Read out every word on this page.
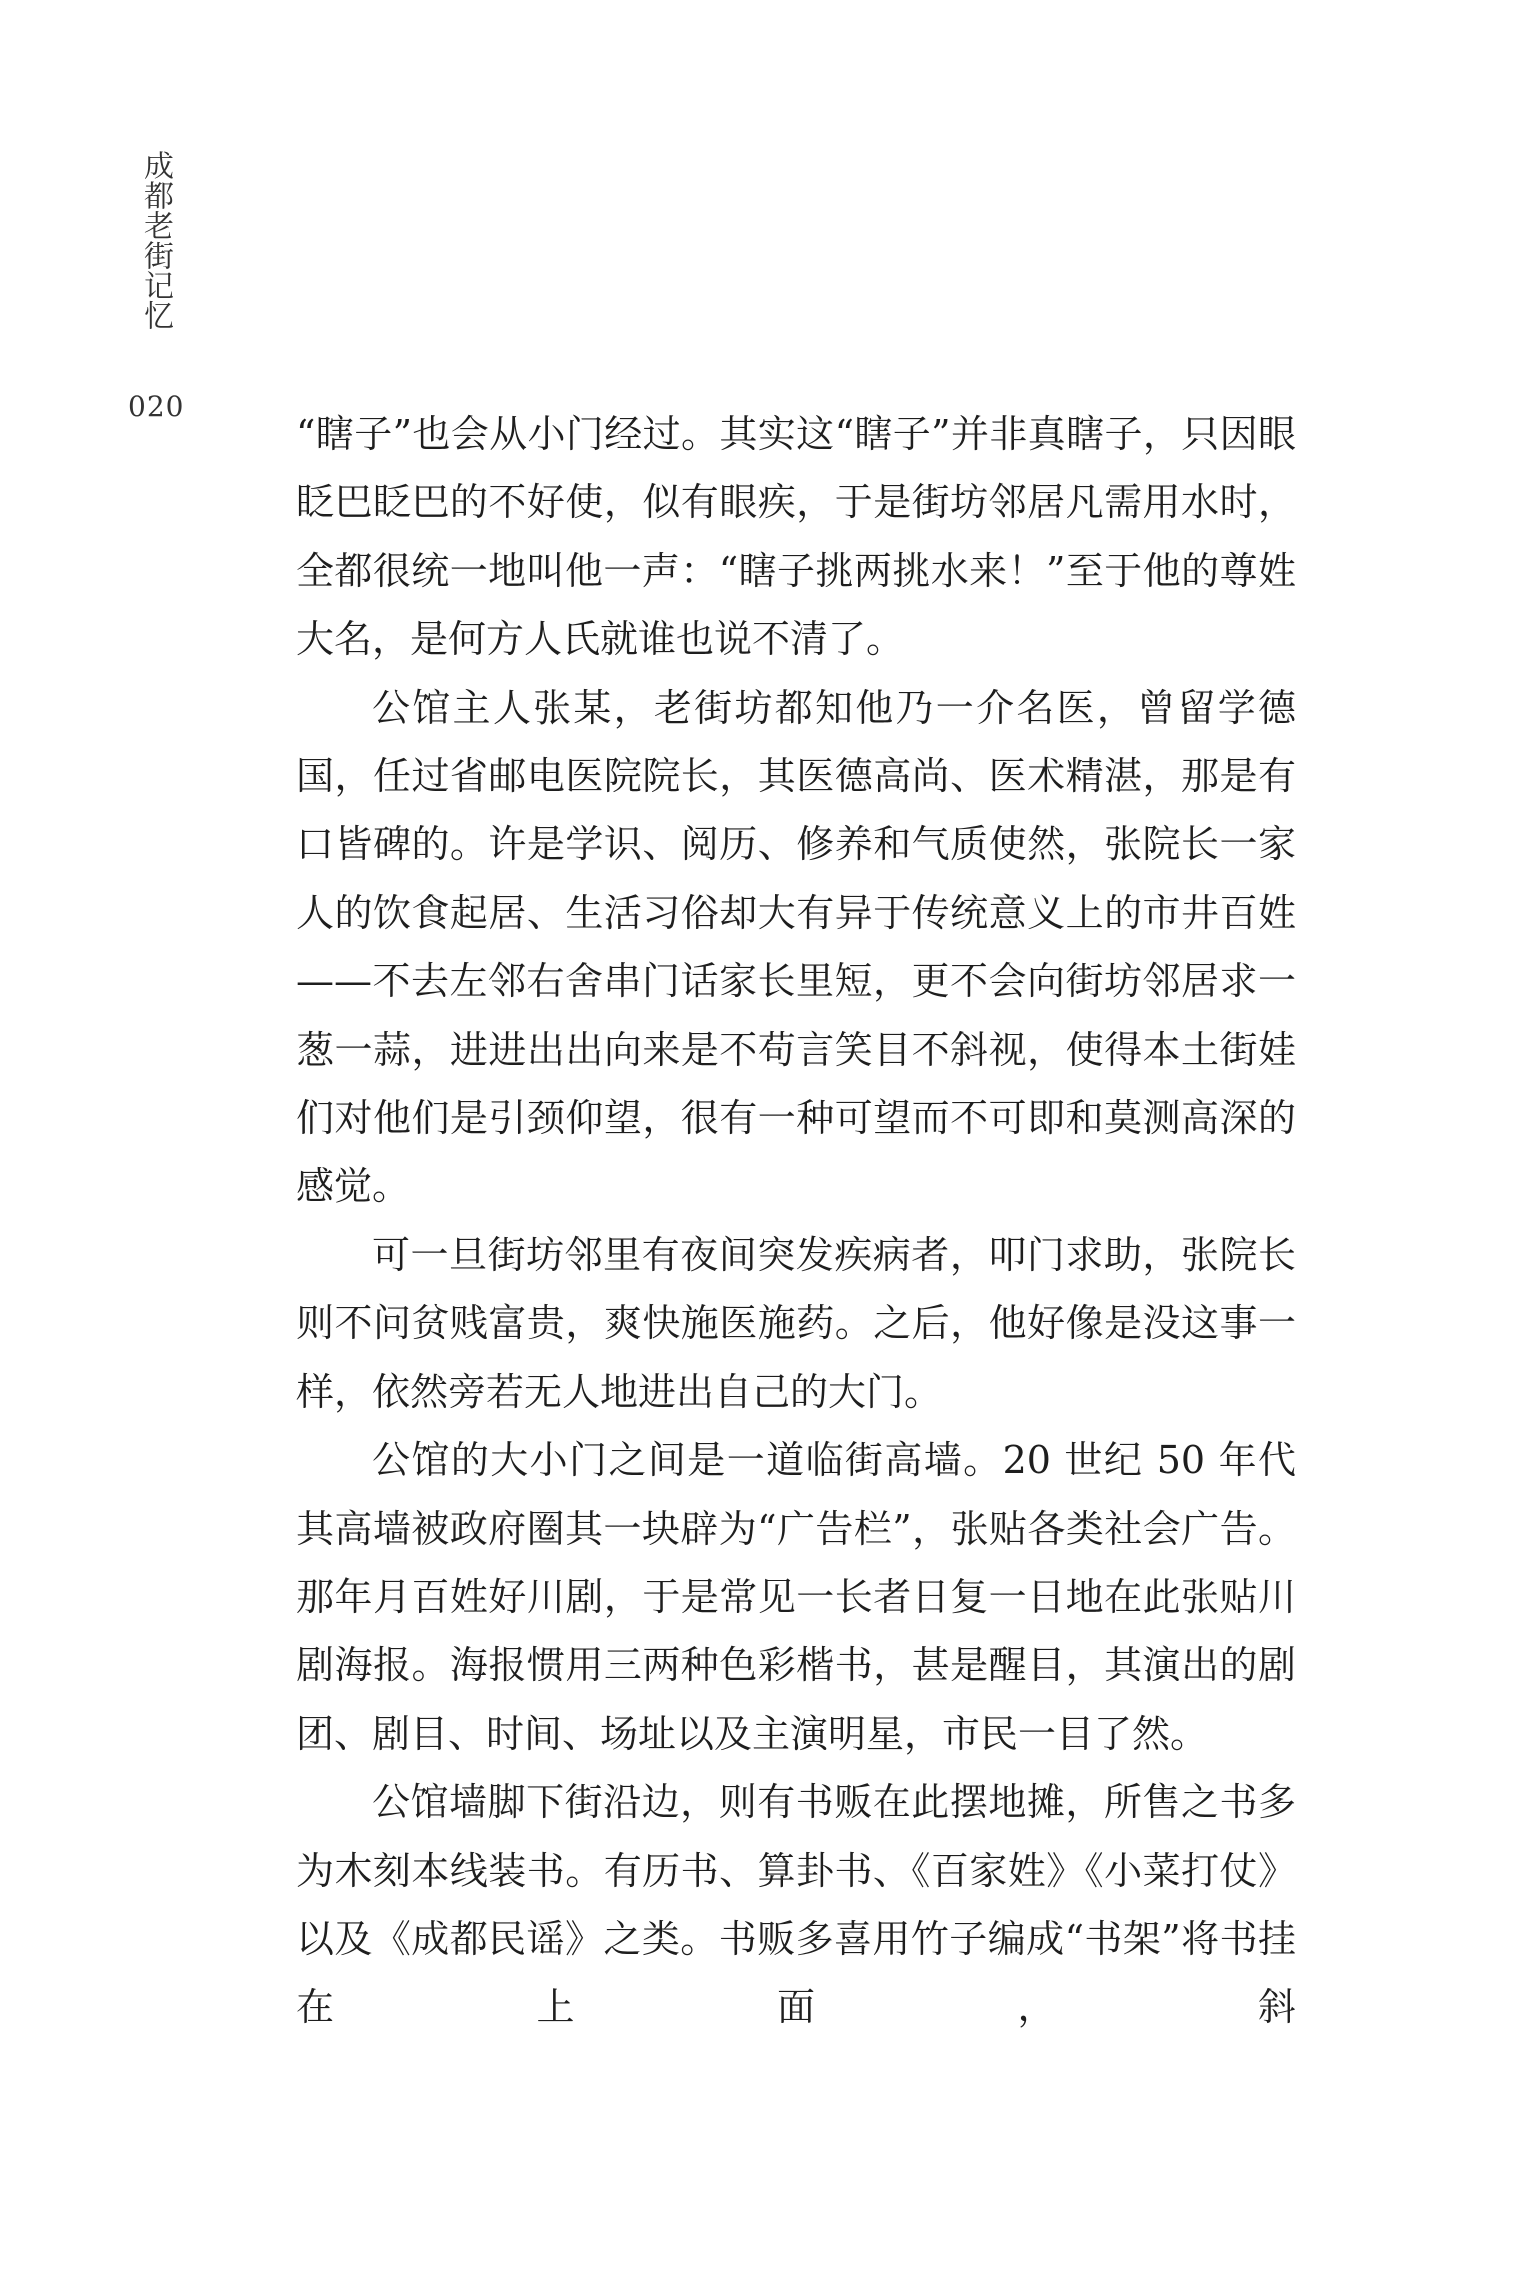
成都老街记忆
020

“瞎子”也会从小门经过。其实这“瞎子”并非真瞎子，只因眼眨巴眨巴的不好使，似有眼疾，于是街坊邻居凡需用水时，全都很统一地叫他一声：“瞎子挑两挑水来！”至于他的尊姓大名，是何方人氏就谁也说不清了。

公馆主人张某，老街坊都知他乃一介名医，曾留学德国，任过省邮电医院院长，其医德高尚、医术精湛，那是有口皆碑的。许是学识、阅历、修养和气质使然，张院长一家人的饮食起居、生活习俗却大有异于传统意义上的市井百姓——不去左邻右舍串门话家长里短，更不会向街坊邻居求一葱一蒜，进进出出向来是不苟言笑目不斜视，使得本土街娃们对他们是引颈仰望，很有一种可望而不可即和莫测高深的感觉。

可一旦街坊邻里有夜间突发疾病者，叩门求助，张院长则不问贫贱富贵，爽快施医施药。之后，他好像是没这事一样，依然旁若无人地进出自己的大门。

公馆的大小门之间是一道临街高墙。20 世纪 50 年代其高墙被政府圈其一块辟为“广告栏”，张贴各类社会广告。那年月百姓好川剧，于是常见一长者日复一日地在此张贴川剧海报。海报惯用三两种色彩楷书，甚是醒目，其演出的剧团、剧目、时间、场址以及主演明星，市民一目了然。

公馆墙脚下街沿边，则有书贩在此摆地摊，所售之书多为木刻本线装书。有历书、算卦书、《百家姓》《小菜打仗》以及《成都民谣》之类。书贩多喜用竹子编成“书架”将书挂在上面，斜
